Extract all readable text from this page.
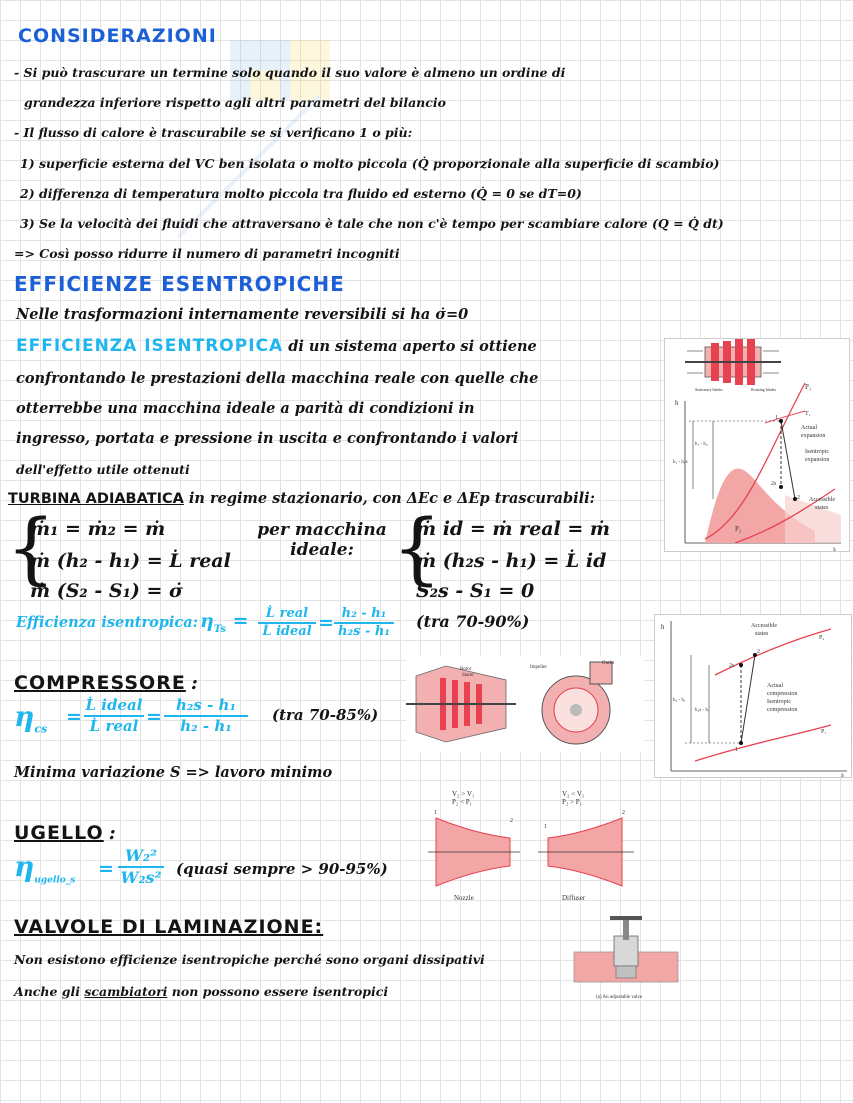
CONSIDERAZIONI
- Si può trascurare un termine solo quando il suo valore è almeno un ordine di
grandezza inferiore rispetto agli altri parametri del bilancio
- Il flusso di calore è trascurabile se si verificano 1 o più:
1) superficie esterna del VC ben isolata o molto piccola (Q̇ proporzionale alla superficie di scambio)
2) differenza di temperatura molto piccola tra fluido ed esterno (Q̇ = 0 se dT=0)
3) Se la velocità dei fluidi che attraversano è tale che non c'è tempo per scambiare calore (Q = Q̇ dt)
=> Così posso ridurre il numero di parametri incogniti
EFFICIENZE ESENTROPICHE
Nelle trasformazioni internamente reversibili si ha σ̇=0
EFFICIENZA ISENTROPICA di un sistema aperto si ottiene
confrontando le prestazioni della macchina reale con quelle che
otterrebbe una macchina ideale a parità di condizioni in
ingresso, portata e pressione in uscita e confrontando i valori
dell'effetto utile ottenuti
TURBINA ADIABATICA in regime stazionario, con ΔEc e ΔEp trascurabili:
{
ṁ₁ = ṁ₂ = ṁ
ṁ (h₂ - h₁) = L̇ real
ṁ (S₂ - S₁) = σ̇
per macchina ideale: {
ṁ id = ṁ real = ṁ
ṁ (h₂s - h₁) = L̇ id
S₂s - S₁ = 0
Efficienza isentropica: $\eta_{Ts}$ =	L̇ real
L̇ ideal = $\frac{\text{h₂ - h₁}}{\text{h₂s - h₁}} (tra$ 70-90%)
COMPRESSORE :
$\eta_{cs}$
=
L̇ ideal
L̇ real = $\frac{\text{h₂s - h₁}}{\text{h₂ - h₁}} (tra$ 70-85%)
Minima variazione S => lavoro minimo
UGELLO :
$\eta_{ugello\_s}$
= $\frac{\text{W₂²}}{\text{W₂s²}}$ (quasi sempre > 90-95%)
VALVOLE DI LAMINAZIONE:
Non esistono efficienze isentropiche perché sono organi dissipativi
Anche gli scambiatori non possono essere isentropici
Stationary blades	Rotating blades
h
s
P₁
P₂
T₁
1
2
2s
Actual
expansion
Isentropic
expansion
Accessible
states
h₁ - h₂
h₁ - h₂s
h
s
P₂
P₁
Accessible
states
1
2
2s
Actual
compression
Isentropic
compression
h₂ - h₁
h₂s - h₁
Rotor
Stator
Impeller
Outlet
V₂ > V₁
P₂ < P₁
V₂ < V₁
P₂ > P₁
1
2
1
2
Nozzle	Diffuser
(a) An adjustable valve
